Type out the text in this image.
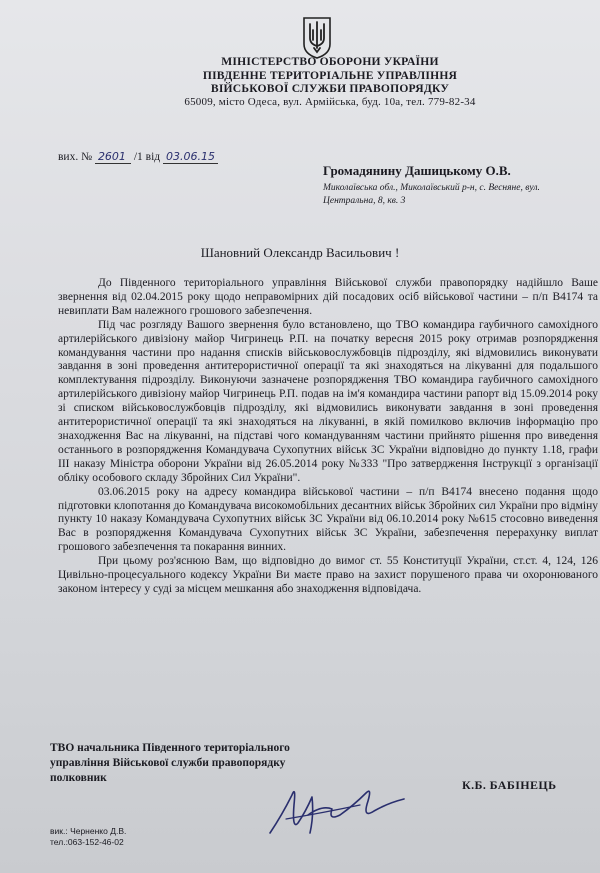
МІНІСТЕРСТВО ОБОРОНИ УКРАЇНИ
ПІВДЕННЕ ТЕРИТОРІАЛЬНЕ УПРАВЛІННЯ
ВІЙСЬКОВОЇ СЛУЖБИ ПРАВОПОРЯДКУ
65009, місто Одеса, вул. Армійська, буд. 10а, тел. 779-82-34
вих. № 2601 /1 від 03.06.15
Громадянину Дашицькому О.В.
Миколаївська обл., Миколаївський р-н, с. Весняне, вул.
Центральна, 8, кв. 3
Шановний Олександр Васильович !

До Південного територіального управління Військової служби правопорядку надійшло Ваше звернення від 02.04.2015 року щодо неправомірних дій посадових осіб військової частини – п/п В4174 та невиплати Вам належного грошового забезпечення.

Під час розгляду Вашого звернення було встановлено, що ТВО командира гаубичного самохідного артилерійського дивізіону майор Чигринець Р.П. на початку вересня 2015 року отримав розпорядження командування частини про надання списків військовослужбовців підрозділу, які відмовились виконувати завдання в зоні проведення антитерористичної операції та які знаходяться на лікуванні для подальшого комплектування підрозділу. Виконуючи зазначене розпорядження ТВО командира гаубичного самохідного артилерійського дивізіону майор Чигринець Р.П. подав на ім'я командира частини рапорт від 15.09.2014 року зі списком військовослужбовців підрозділу, які відмовились виконувати завдання в зоні проведення антитерористичної операції та які знаходяться на лікуванні, в якій помилково включив інформацію про знаходження Вас на лікуванні, на підставі чого командуванням частини прийнято рішення про виведення останнього в розпорядження Командувача Сухопутних військ ЗС України відповідно до пункту 1.18, графи ІІІ наказу Міністра оборони України від 26.05.2014 року №333 "Про затвердження Інструкції з організації обліку особового складу Збройних Сил України".

03.06.2015 року на адресу командира військової частини – п/п В4174 внесено подання щодо підготовки клопотання до Командувача високомобільних десантних військ Збройних сил України про відміну пункту 10 наказу Командувача Сухопутних військ ЗС України від 06.10.2014 року №615 стосовно виведення Вас в розпорядження Командувача Сухопутних військ ЗС України, забезпечення перерахунку виплат грошового забезпечення та покарання винних.

При цьому роз'яснюю Вам, що відповідно до вимог ст. 55 Конституції України, ст.ст. 4, 124, 126 Цивільно-процесуального кодексу України Ви маєте право на захист порушеного права чи охоронюваного законом інтересу у суді за місцем мешкання або знаходження відповідача.

ТВО начальника Південного територіального
управління Військової служби правопорядку
полковник	К.Б. БАБІНЕЦЬ
вик.: Черненко Д.В.
тел.:063-152-46-02
